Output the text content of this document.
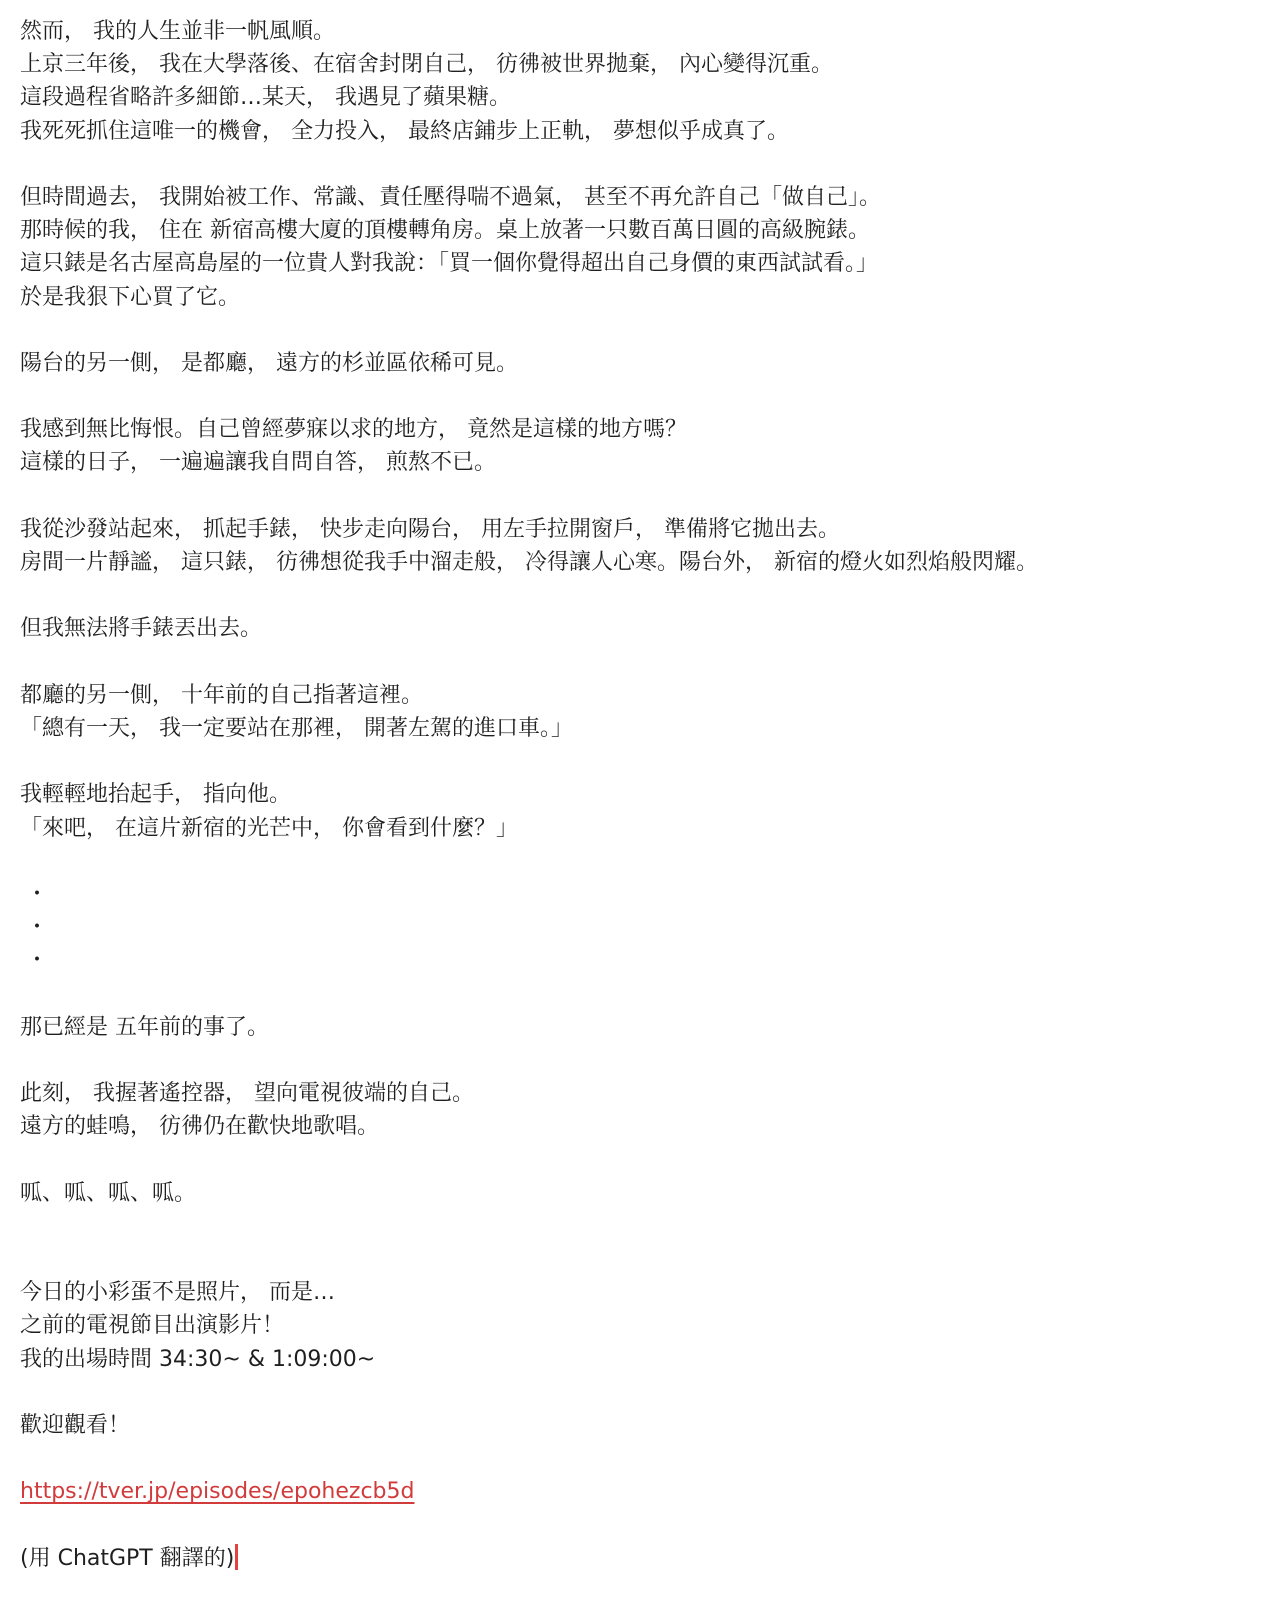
然而， 我的人生並非一帆風順。
上京三年後， 我在大學落後、在宿舍封閉自己， 彷彿被世界拋棄， 內心變得沉重。
這段過程省略許多細節…某天， 我遇見了蘋果糖。
我死死抓住這唯一的機會， 全力投入， 最終店鋪步上正軌， 夢想似乎成真了。
但時間過去， 我開始被工作、常識、責任壓得喘不過氣， 甚至不再允許自己「做自己」。
那時候的我， 住在 新宿高樓大廈的頂樓轉角房。桌上放著一只數百萬日圓的高級腕錶。
這只錶是名古屋高島屋的一位貴人對我說：「買一個你覺得超出自己身價的東西試試看。」
於是我狠下心買了它。
陽台的另一側， 是都廳， 遠方的杉並區依稀可見。
我感到無比悔恨。自己曾經夢寐以求的地方， 竟然是這樣的地方嗎？
這樣的日子， 一遍遍讓我自問自答， 煎熬不已。
我從沙發站起來， 抓起手錶， 快步走向陽台， 用左手拉開窗戶， 準備將它拋出去。
房間一片靜謐， 這只錶， 彷彿想從我手中溜走般， 冷得讓人心寒。陽台外， 新宿的燈火如烈焰般閃耀。
但我無法將手錶丟出去。
都廳的另一側， 十年前的自己指著這裡。
「總有一天， 我一定要站在那裡， 開著左駕的進口車。」
我輕輕地抬起手， 指向他。
「來吧， 在這片新宿的光芒中， 你會看到什麼？」
・
・
・
那已經是 五年前的事了。
此刻， 我握著遙控器， 望向電視彼端的自己。
遠方的蛙鳴， 彷彿仍在歡快地歌唱。
呱、呱、呱、呱。
今日的小彩蛋不是照片， 而是…
之前的電視節目出演影片！
我的出場時間 34:30~ & 1:09:00~
歡迎觀看！
https://tver.jp/episodes/epohezcb5d
(用 ChatGPT 翻譯的)
